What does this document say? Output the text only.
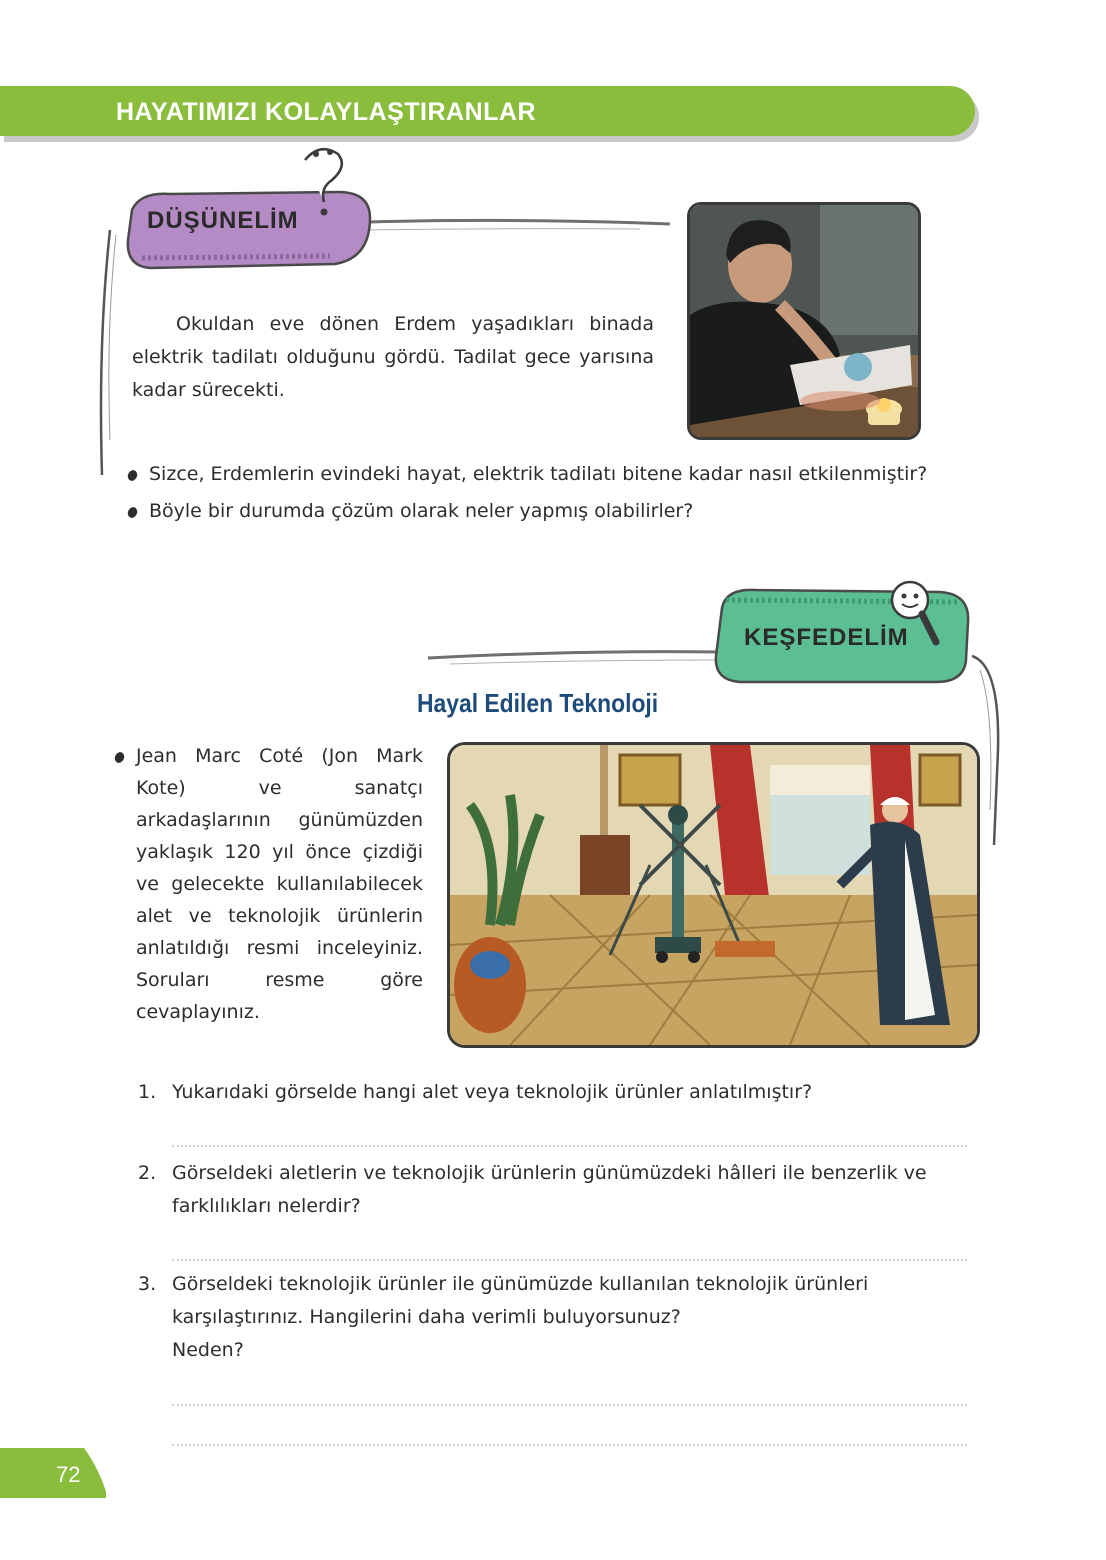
HAYATIMIZI KOLAYLAŞTIRANLAR
DÜŞÜNELİM
Okuldan eve dönen Erdem yaşadıkları binada elektrik tadilatı olduğunu gördü. Tadilat gece yarısına kadar sürecekti.
Sizce, Erdemlerin evindeki hayat, elektrik tadilatı bitene kadar nasıl etkilenmiştir?
Böyle bir durumda çözüm olarak neler yapmış olabilirler?
KEŞFEDELİM
Hayal Edilen Teknoloji
Jean Marc Coté (Jon Mark Kote) ve sanatçı arkadaşlarının günümüzden yaklaşık 120 yıl önce çizdiği ve gelecekte kullanılabilecek alet ve teknolojik ürünlerin anlatıldığı resmi inceleyiniz. Soruları resme göre cevaplayınız.
1. Yukarıdaki görselde hangi alet veya teknolojik ürünler anlatılmıştır?
2. Görseldeki aletlerin ve teknolojik ürünlerin günümüzdeki hâlleri ile benzerlik ve farklılıkları nelerdir?
3. Görseldeki teknolojik ürünler ile günümüzde kullanılan teknolojik ürünleri karşılaştırınız. Hangilerini daha verimli buluyorsunuz?
Neden?
72
